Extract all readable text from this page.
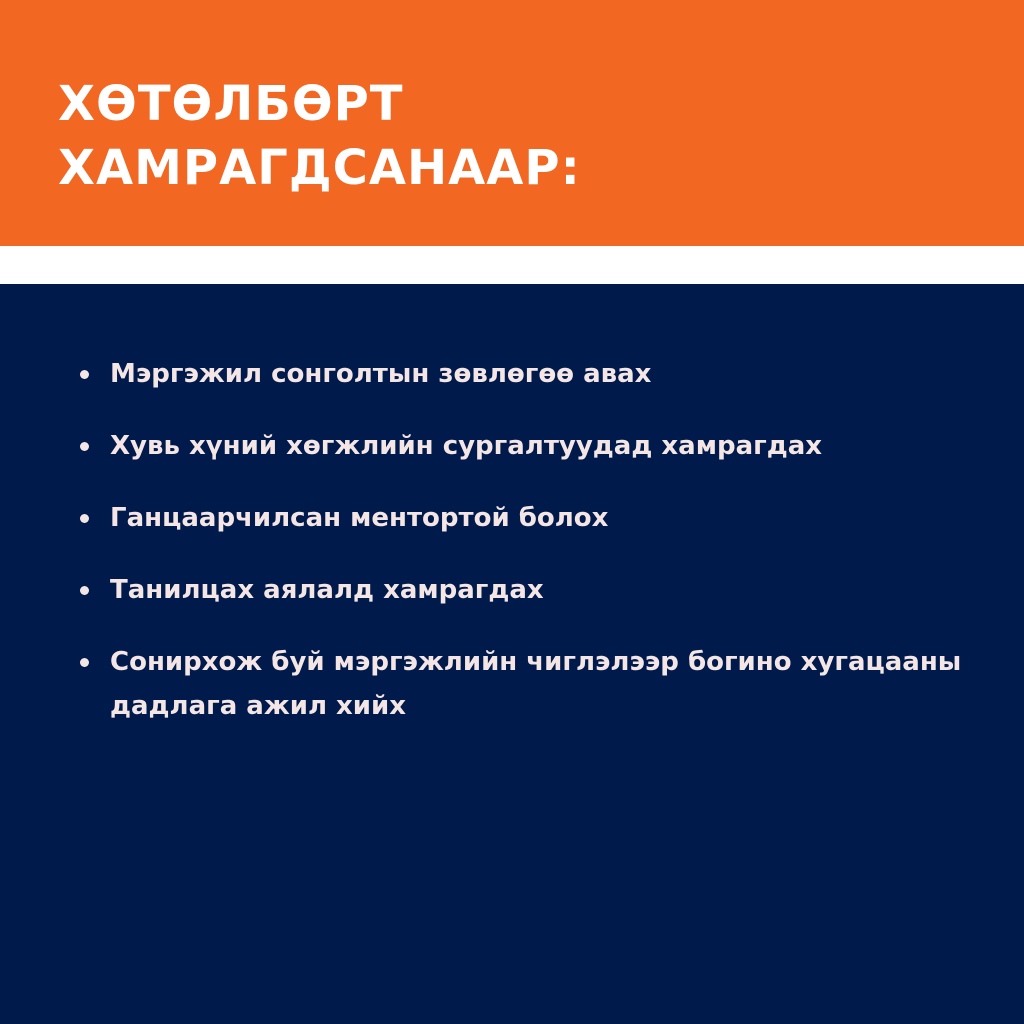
ХӨТӨЛБӨРТ
ХАМРАГДСАНААР:
Мэргэжил сонголтын зөвлөгөө авах
Хувь хүний хөгжлийн сургалтуудад хамрагдах
Ганцаарчилсан ментортой болох
Танилцах аялалд хамрагдах
Сонирхож буй мэргэжлийн чиглэлээр богино хугацааны дадлага ажил хийх
